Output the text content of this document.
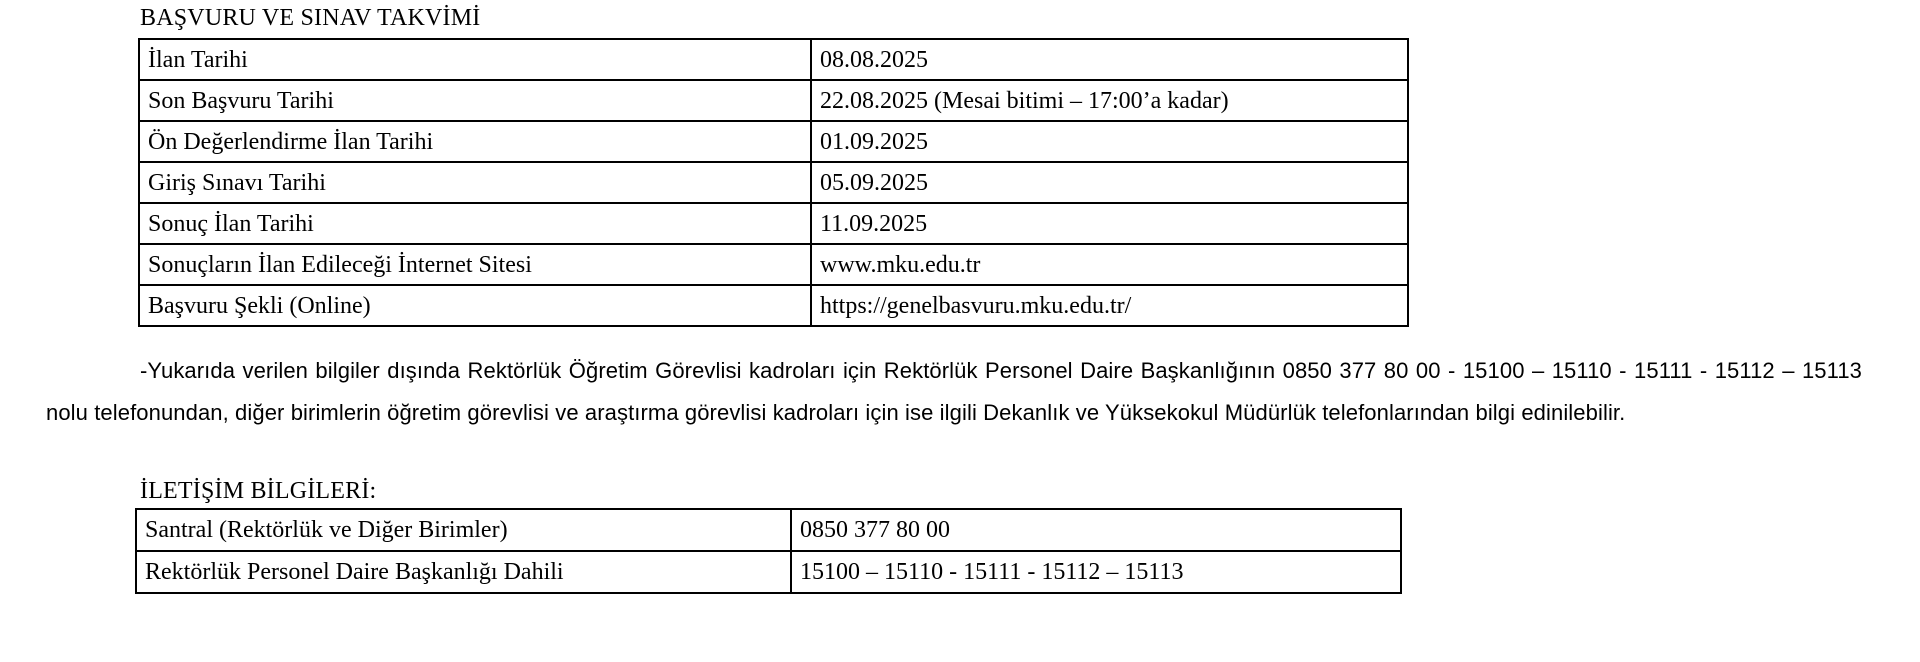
BAŞVURU VE SINAV TAKVİMİ
İlan Tarihi	08.08.2025
Son Başvuru Tarihi	22.08.2025 (Mesai bitimi – 17:00’a kadar)
Ön Değerlendirme İlan Tarihi	01.09.2025
Giriş Sınavı Tarihi	05.09.2025
Sonuç İlan Tarihi	11.09.2025
Sonuçların İlan Edileceği İnternet Sitesi	www.mku.edu.tr
Başvuru Şekli (Online)	https://genelbasvuru.mku.edu.tr/
-Yukarıda verilen bilgiler dışında Rektörlük Öğretim Görevlisi kadroları için Rektörlük Personel Daire Başkanlığının 0850 377 80 00 - 15100 – 15110 - 15111 - 15112 – 15113 nolu telefonundan, diğer birimlerin öğretim görevlisi ve araştırma görevlisi kadroları için ise ilgili Dekanlık ve Yüksekokul Müdürlük telefonlarından bilgi edinilebilir.
İLETİŞİM BİLGİLERİ:
Santral (Rektörlük ve Diğer Birimler)	0850 377 80 00
Rektörlük Personel Daire Başkanlığı Dahili	15100 – 15110 - 15111 - 15112 – 15113
